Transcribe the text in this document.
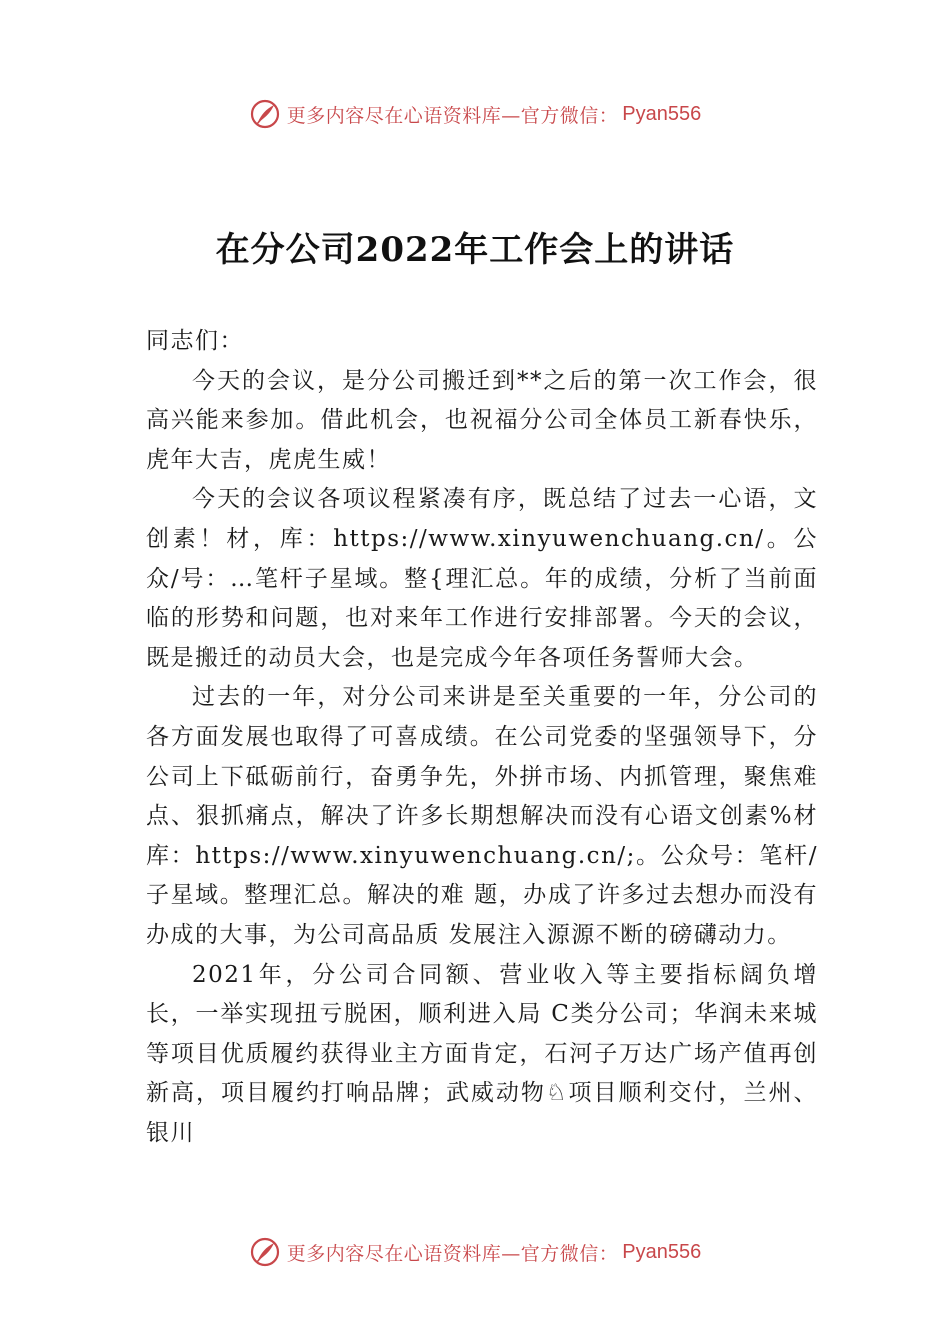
更多内容尽在心语资料库—官方微信： Pyan556
在分公司2022年工作会上的讲话

同志们：

今天的会议，是分公司搬迁到**之后的第一次工作会，很高兴能来参加。借此机会，也祝福分公司全体员工新春快乐，虎年大吉，虎虎生威！

今天的会议各项议程紧凑有序，既总结了过去一心语，文创素！材，库：https://www.xinyuwenchuang.cn/。公众/号：…笔杆子星域。整{理汇总。年的成绩，分析了当前面临的形势和问题，也对来年工作进行安排部署。今天的会议，既是搬迁的动员大会，也是完成今年各项任务誓师大会。

过去的一年，对分公司来讲是至关重要的一年，分公司的各方面发展也取得了可喜成绩。在公司党委的坚强领导下，分公司上下砥砺前行，奋勇争先，外拼市场、内抓管理，聚焦难点、狠抓痛点，解决了许多长期想解决而没有心语文创素%材库：https://www.xinyuwenchuang.cn/;。公众号：笔杆/子星域。整理汇总。解决的难 题，办成了许多过去想办而没有办成的大事，为公司高品质 发展注入源源不断的磅礴动力。

2021年，分公司合同额、营业收入等主要指标阔负增长，一举实现扭亏脱困，顺利进入局 C类分公司；华润未来城等项目优质履约获得业主方面肯定，石河子万达广场产值再创新高，项目履约打响品牌；武威动物♘项目顺利交付，兰州、银川

更多内容尽在心语资料库—官方微信： Pyan556
